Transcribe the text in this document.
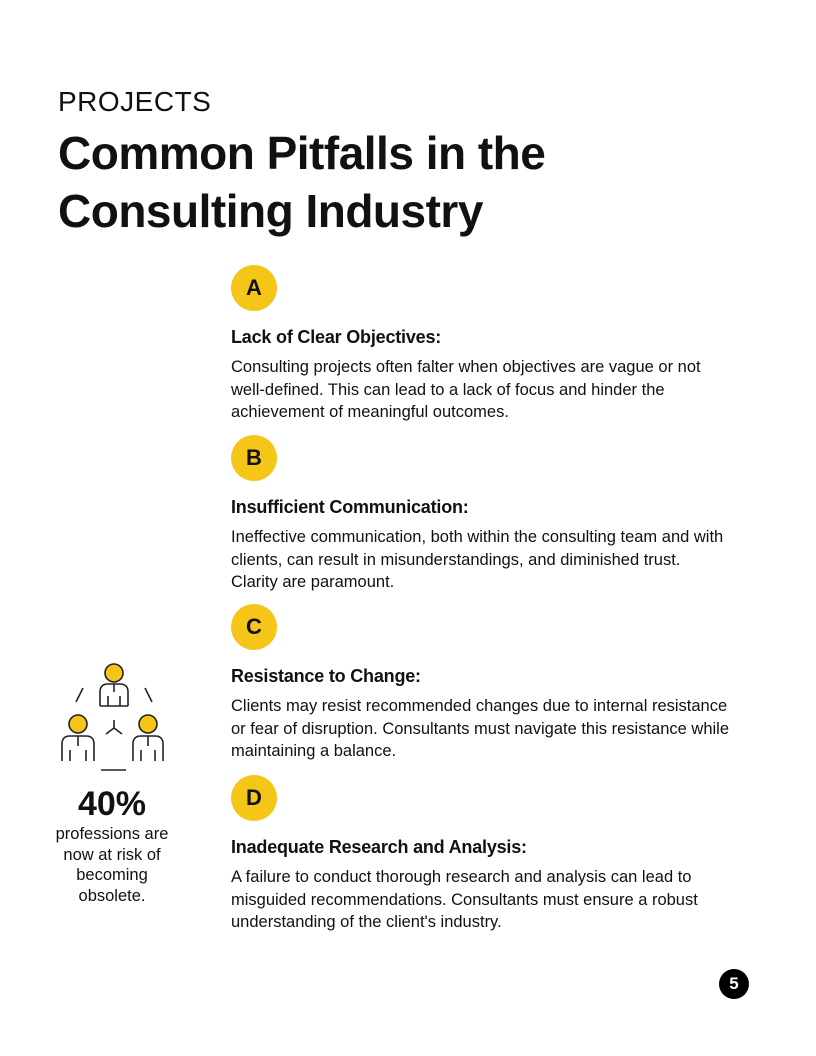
PROJECTS
Common Pitfalls in the Consulting Industry
A
Lack of Clear Objectives:

Consulting projects often falter when objectives are vague or not well-defined. This can lead to a lack of focus and hinder the achievement of meaningful outcomes.

B
Insufficient Communication:

Ineffective communication, both within the consulting team and with clients, can result in misunderstandings, and diminished trust. Clarity are paramount.

C
Resistance to Change:

Clients may resist recommended changes due to internal resistance or fear of disruption. Consultants must navigate this resistance while maintaining a balance.

D
Inadequate Research and Analysis:

A failure to conduct thorough research and analysis can lead to misguided recommendations. Consultants must ensure a robust understanding of the client's industry.

40%
professions are now at risk of becoming obsolete.
5
